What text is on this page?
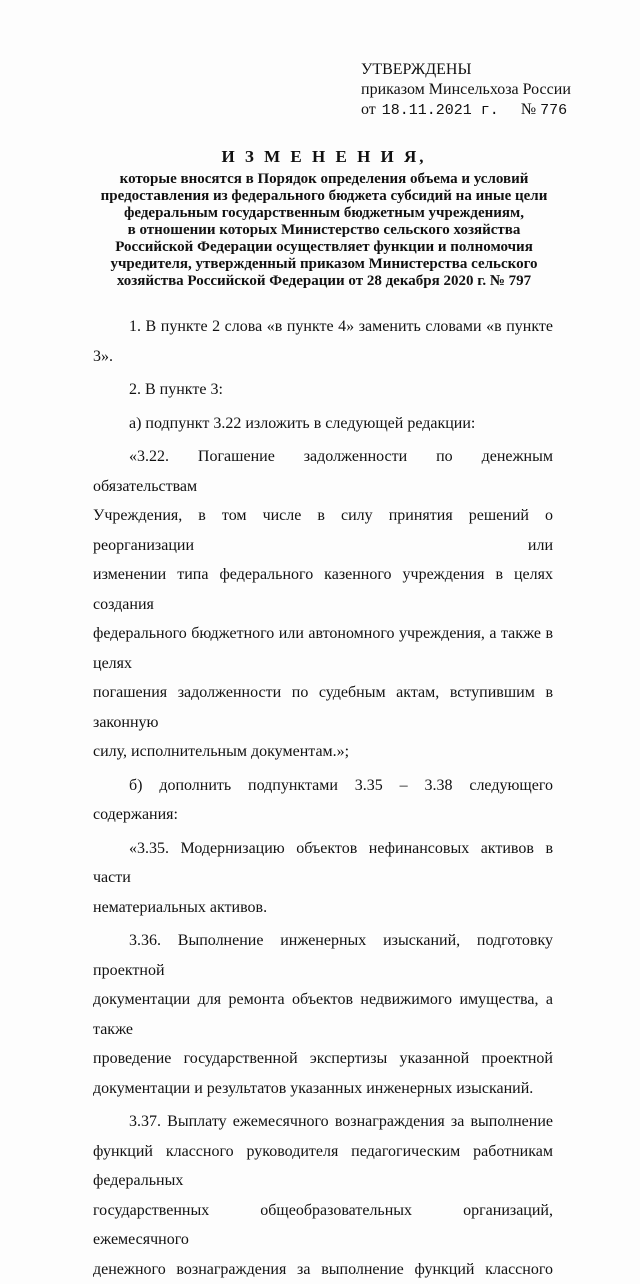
УТВЕРЖДЕНЫ
приказом Минсельхоза России
от 18.11.2021 г. № 776
И З М Е Н Е Н И Я,
которые вносятся в Порядок определения объема и условий
предоставления из федерального бюджета субсидий на иные цели
федеральным государственным бюджетным учреждениям,
в отношении которых Министерство сельского хозяйства
Российской Федерации осуществляет функции и полномочия
учредителя, утвержденный приказом Министерства сельского
хозяйства Российской Федерации от 28 декабря 2020 г. № 797

1. В пункте 2 слова «в пункте 4» заменить словами «в пункте 3».

2. В пункте 3:

а) подпункт 3.22 изложить в следующей редакции:

«3.22. Погашение задолженности по денежным обязательствам
Учреждения, в том числе в силу принятия решений о реорганизации или
изменении типа федерального казенного учреждения в целях создания
федерального бюджетного или автономного учреждения, а также в целях
погашения задолженности по судебным актам, вступившим в законную
силу, исполнительным документам.»;

б) дополнить подпунктами 3.35 – 3.38 следующего содержания:

«3.35. Модернизацию объектов нефинансовых активов в части
нематериальных активов.

3.36. Выполнение инженерных изысканий, подготовку проектной
документации для ремонта объектов недвижимого имущества, а также
проведение государственной экспертизы указанной проектной
документации и результатов указанных инженерных изысканий.

3.37. Выплату ежемесячного вознаграждения за выполнение
функций классного руководителя педагогическим работникам федеральных
государственных общеобразовательных организаций, ежемесячного
денежного вознаграждения за выполнение функций классного
